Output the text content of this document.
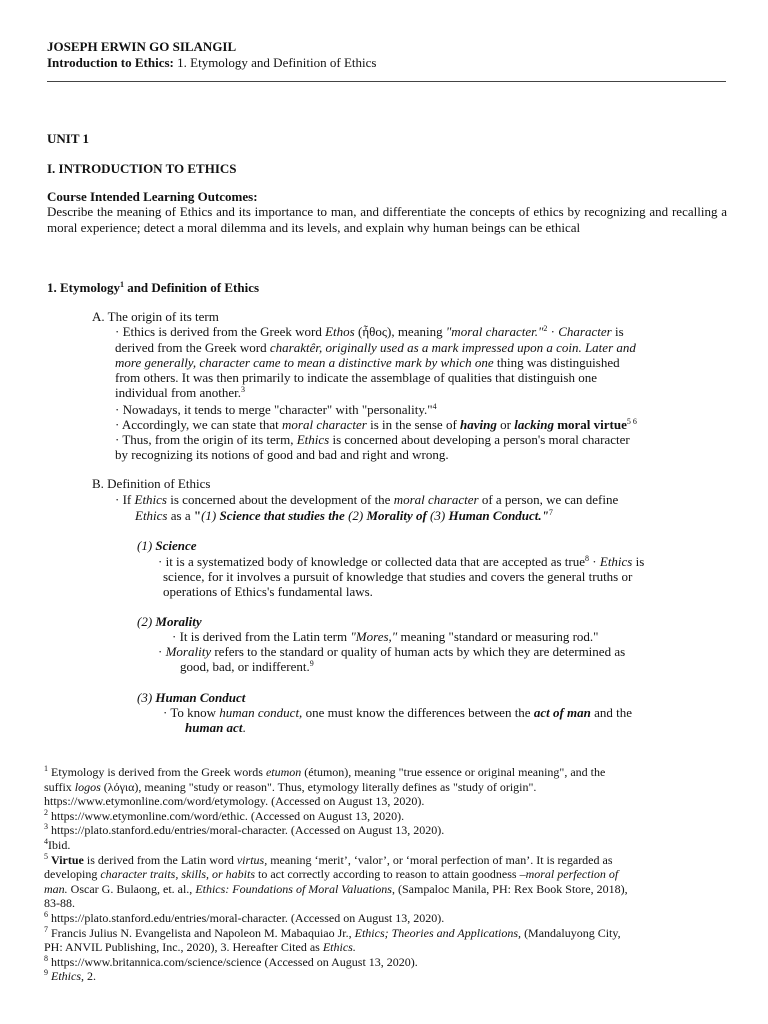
JOSEPH ERWIN GO SILANGIL
Introduction to Ethics: 1. Etymology and Definition of Ethics
UNIT 1
I. INTRODUCTION TO ETHICS
Course Intended Learning Outcomes:
Describe the meaning of Ethics and its importance to man, and differentiate the concepts of ethics by recognizing and recalling a moral experience; detect a moral dilemma and its levels, and explain why human beings can be ethical
1. Etymology$^1$ and Definition of Ethics
A. The origin of its term
· Ethics is derived from the Greek word Ethos (ἦθος), meaning "moral character."$^2$ · Character is
derived from the Greek word charaktêr, originally used as a mark impressed upon a coin. Later and
more generally, character came to mean a distinctive mark by which one thing was distinguished
from others. It was then primarily to indicate the assemblage of qualities that distinguish one
individual from another.$^3$
· Nowadays, it tends to merge "character" with "personality."$^4$
· Accordingly, we can state that moral character is in the sense of having or lacking moral virtue$^{5 6}$
· Thus, from the origin of its term, Ethics is concerned about developing a person's moral character
by recognizing its notions of good and bad and right and wrong.
B. Definition of Ethics
· If Ethics is concerned about the development of the moral character of a person, we can define
Ethics as a "(1) Science that studies the (2) Morality of (3) Human Conduct."$^7$
(1) Science
· it is a systematized body of knowledge or collected data that are accepted as true$^8$ · Ethics is
science, for it involves a pursuit of knowledge that studies and covers the general truths or
operations of Ethics's fundamental laws.
(2) Morality
· It is derived from the Latin term "Mores," meaning "standard or measuring rod."
· Morality refers to the standard or quality of human acts by which they are determined as
good, bad, or indifferent.$^9$
(3) Human Conduct
· To know human conduct, one must know the differences between the act of man and the
human act.
$^1$ Etymology is derived from the Greek words etumon (étumon), meaning "true essence or original meaning", and the
suffix logos (λόγια), meaning "study or reason". Thus, etymology literally defines as "study of origin".
https://www.etymonline.com/word/etymology. (Accessed on August 13, 2020).
$^2$ https://www.etymonline.com/word/ethic. (Accessed on August 13, 2020).
$^3$ https://plato.stanford.edu/entries/moral-character. (Accessed on August 13, 2020).
$^4$Ibid.
$^5$ Virtue is derived from the Latin word virtus, meaning ‘merit’, ‘valor’, or ‘moral perfection of man’. It is regarded as
developing character traits, skills, or habits to act correctly according to reason to attain goodness –moral perfection of
man. Oscar G. Bulaong, et. al., Ethics: Foundations of Moral Valuations, (Sampaloc Manila, PH: Rex Book Store, 2018),
83-88.
$^6$ https://plato.stanford.edu/entries/moral-character. (Accessed on August 13, 2020).
$^7$ Francis Julius N. Evangelista and Napoleon M. Mabaquiao Jr., Ethics; Theories and Applications, (Mandaluyong City,
PH: ANVIL Publishing, Inc., 2020), 3. Hereafter Cited as Ethics.
$^8$ https://www.britannica.com/science/science (Accessed on August 13, 2020).
$^9$ Ethics, 2.
